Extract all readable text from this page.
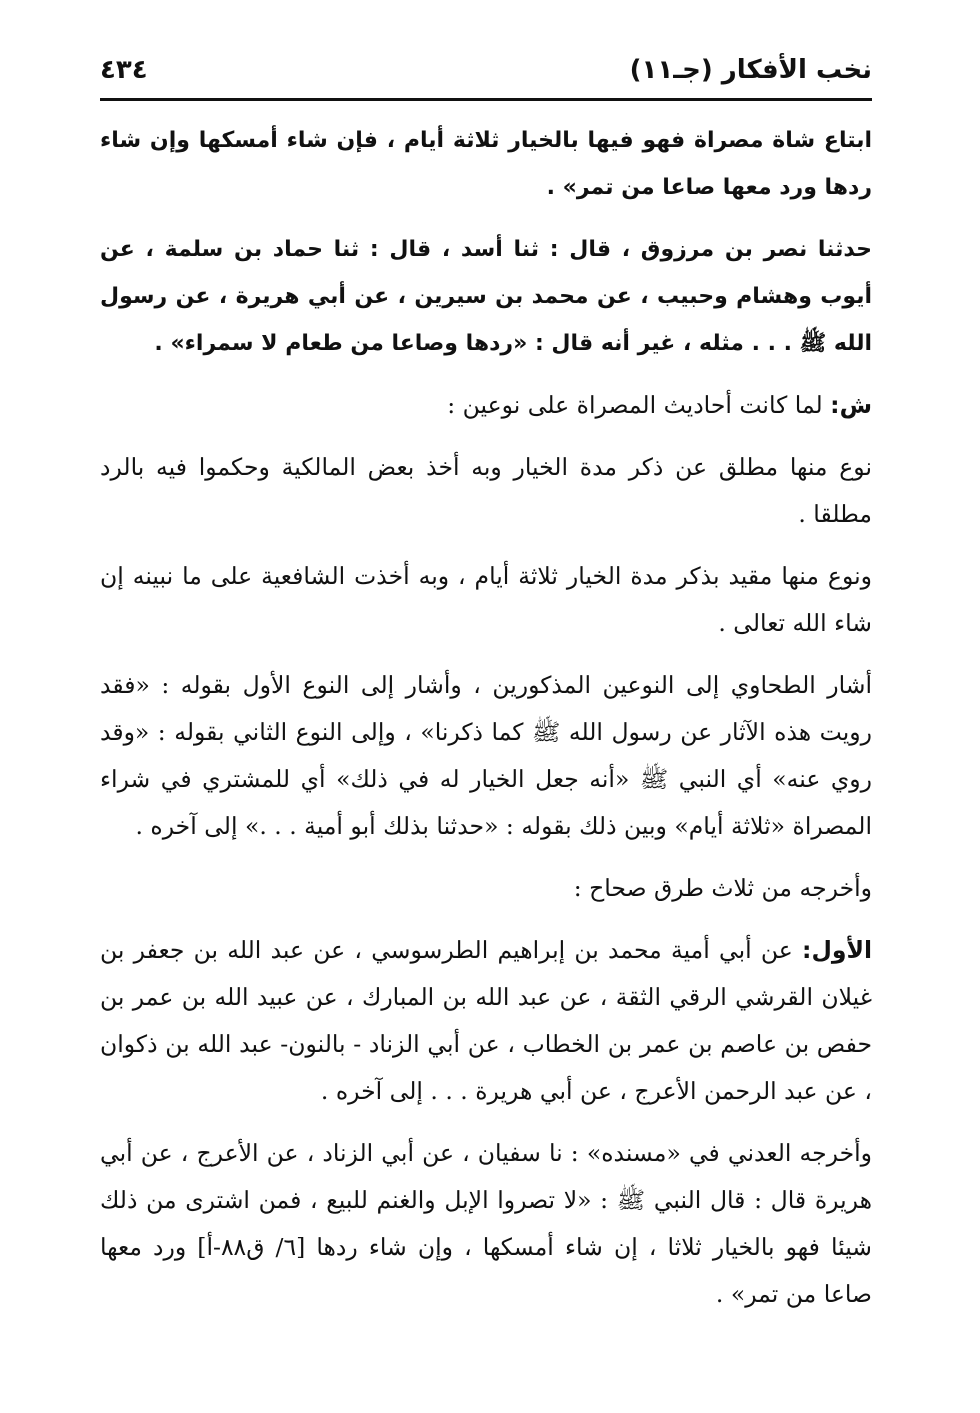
نخب الأفكار (جـ١١)
٤٣٤

ابتاع شاة مصراة فهو فيها بالخيار ثلاثة أيام ، فإن شاء أمسكها وإن شاء ردها ورد معها صاعا من تمر» .

حدثنا نصر بن مرزوق ، قال : ثنا أسد ، قال : ثنا حماد بن سلمة ، عن أيوب وهشام وحبيب ، عن محمد بن سيرين ، عن أبي هريرة ، عن رسول الله ﷺ . . . مثله ، غير أنه قال : «ردها وصاعا من طعام لا سمراء» .

ش: لما كانت أحاديث المصراة على نوعين :

نوع منها مطلق عن ذكر مدة الخيار وبه أخذ بعض المالكية وحكموا فيه بالرد مطلقا .

ونوع منها مقيد بذكر مدة الخيار ثلاثة أيام ، وبه أخذت الشافعية على ما نبينه إن شاء الله تعالى .

أشار الطحاوي إلى النوعين المذكورين ، وأشار إلى النوع الأول بقوله : «فقد رويت هذه الآثار عن رسول الله ﷺ كما ذكرنا» ، وإلى النوع الثاني بقوله : «وقد روي عنه» أي النبي ﷺ «أنه جعل الخيار له في ذلك» أي للمشتري في شراء المصراة «ثلاثة أيام» وبين ذلك بقوله : «حدثنا بذلك أبو أمية . . .» إلى آخره .

وأخرجه من ثلاث طرق صحاح :

الأول: عن أبي أمية محمد بن إبراهيم الطرسوسي ، عن عبد الله بن جعفر بن غيلان القرشي الرقي الثقة ، عن عبد الله بن المبارك ، عن عبيد الله بن عمر بن حفص بن عاصم بن عمر بن الخطاب ، عن أبي الزناد - بالنون- عبد الله بن ذكوان ، عن عبد الرحمن الأعرج ، عن أبي هريرة . . . إلى آخره .

وأخرجه العدني في «مسنده» : نا سفيان ، عن أبي الزناد ، عن الأعرج ، عن أبي هريرة قال : قال النبي ﷺ : «لا تصروا الإبل والغنم للبيع ، فمن اشترى من ذلك شيئا فهو بالخيار ثلاثا ، إن شاء أمسكها ، وإن شاء ردها [٦/ ق٨٨-أ] ورد معها صاعا من تمر» .
